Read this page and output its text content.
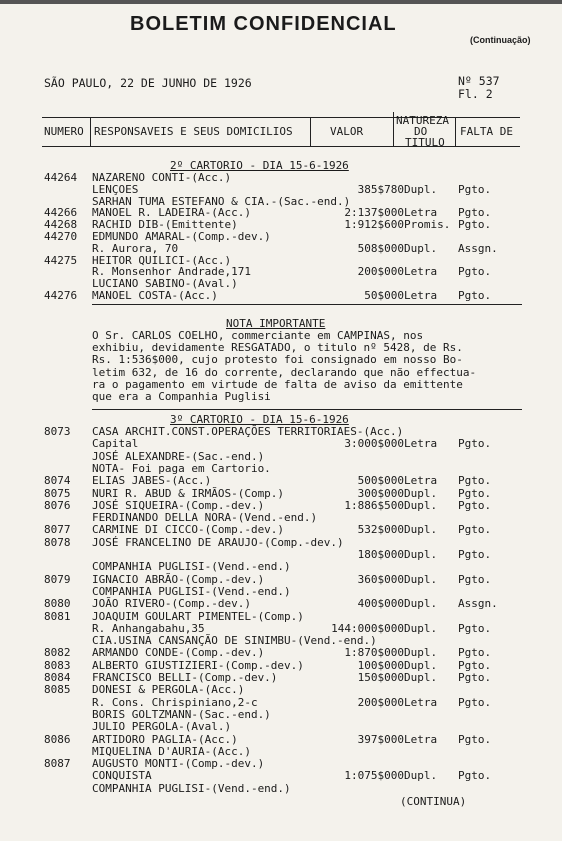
BOLETIM CONFIDENCIAL
(Continuação)
SÃO PAULO, 22 DE JUNHO DE 1926	Nº 537
Fl. 2
NUMERO RESPONSAVEIS E SEUS DOMICILIOS	VALOR
NATUREZA
DO
TITULO
FALTA DE
2º CARTORIO - DIA 15-6-1926
44264 NAZARENO CONTI-(Acc.)
LENÇOES	385$780 Dupl. Pgto.
SARHAN TUMA ESTEFANO & CIA.-(Sac.-end.)
44266 MANOEL R. LADEIRA-(Acc.)	2:137$000 Letra Pgto.
44268 RACHID DIB-(Emittente)	1:912$600 Promis. Pgto.
44270 EDMUNDO AMARAL-(Comp.-dev.)
R. Aurora, 70	508$000 Dupl. Assgn.
44275 HEITOR QUILICI-(Acc.)
R. Monsenhor Andrade,171	200$000 Letra Pgto.
LUCIANO SABINO-(Aval.)
44276 MANOEL COSTA-(Acc.)	50$000 Letra Pgto.
NOTA IMPORTANTE
O Sr. CARLOS COELHO, commerciante em CAMPINAS, nos
exhibiu, devidamente RESGATADO, o titulo nº 5428, de Rs.
Rs. 1:536$000, cujo protesto foi consignado em nosso Bo-
letim 632, de 16 do corrente, declarando que não effectua-
ra o pagamento em virtude de falta de aviso da emittente
que era a Companhia Puglisi
3º CARTORIO - DIA 15-6-1926
8073 CASA ARCHIT.CONST.OPERAÇÕES TERRITORIAES-(Acc.)
Capital	3:000$000 Letra Pgto.
JOSÉ ALEXANDRE-(Sac.-end.)
NOTA- Foi paga em Cartorio.
8074 ELIAS JABES-(Acc.)	500$000 Letra Pgto.
8075 NURI R. ABUD & IRMÃOS-(Comp.)	300$000 Dupl. Pgto.
8076 JOSÉ SIQUEIRA-(Comp.-dev.)	1:886$500 Dupl. Pgto.
FERDINANDO DELLA NORA-(Vend.-end.)
8077 CARMINE DI CICCO-(Comp.-dev.)	532$000 Dupl. Pgto.
8078 JOSÉ FRANCELINO DE ARAUJO-(Comp.-dev.)
180$000 Dupl. Pgto.
COMPANHIA PUGLISI-(Vend.-end.)
8079 IGNACIO ABRÃO-(Comp.-dev.)	360$000 Dupl. Pgto.
COMPANHIA PUGLISI-(Vend.-end.)
8080 JOÃO RIVERO-(Comp.-dev.)	400$000 Dupl. Assgn.
8081 JOAQUIM GOULART PIMENTEL-(Comp.)
R. Anhangabahu,35	144:000$000 Dupl. Pgto.
CIA.USINA CANSANÇÃO DE SINIMBU-(Vend.-end.)
8082 ARMANDO CONDE-(Comp.-dev.)	1:870$000 Dupl. Pgto.
8083 ALBERTO GIUSTIZIERI-(Comp.-dev.)	100$000 Dupl. Pgto.
8084 FRANCISCO BELLI-(Comp.-dev.)	150$000 Dupl. Pgto.
8085 DONESI & PERGOLA-(Acc.)
R. Cons. Chrispiniano,2-c	200$000 Letra Pgto.
BORIS GOLTZMANN-(Sac.-end.)
JULIO PERGOLA-(Aval.)
8086 ARTIDORO PAGLIA-(Acc.)	397$000 Letra Pgto.
MIQUELINA D'AURIA-(Acc.)
8087 AUGUSTO MONTI-(Comp.-dev.)
CONQUISTA	1:075$000 Dupl. Pgto.
COMPANHIA PUGLISI-(Vend.-end.)
(CONTINUA)
